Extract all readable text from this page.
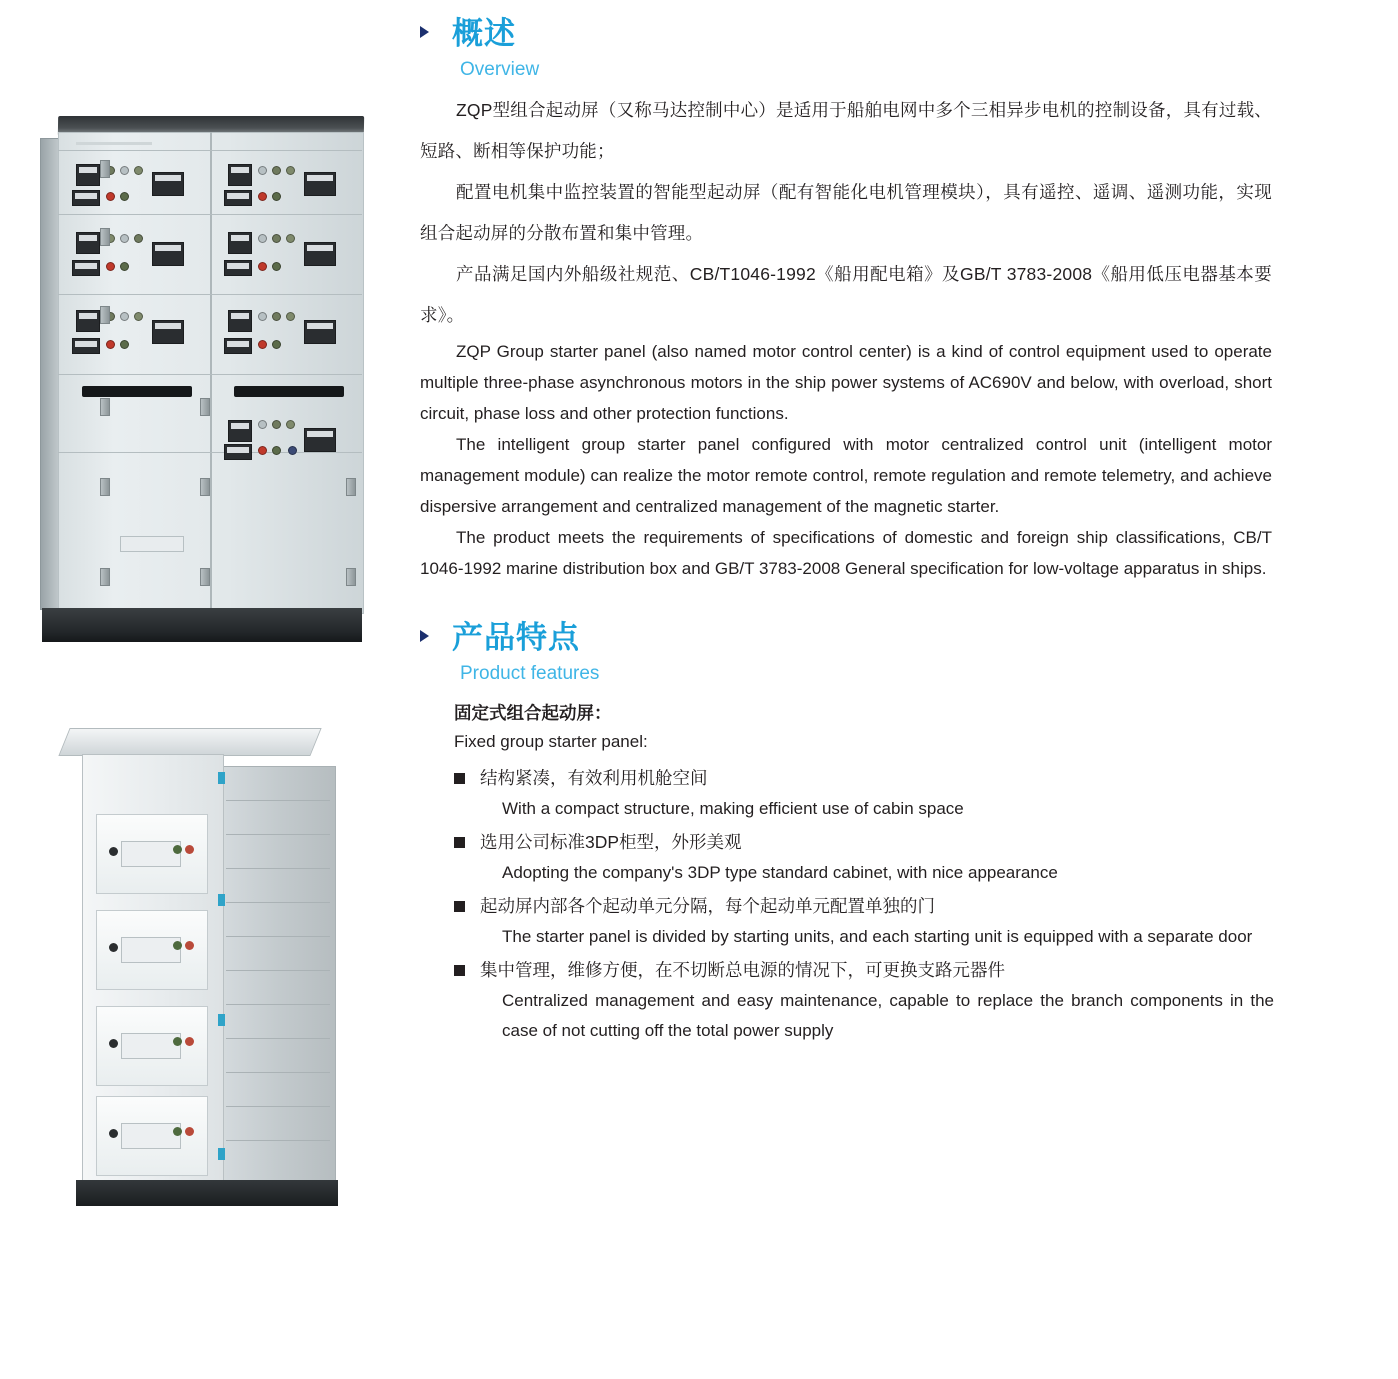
概述
Overview

ZQP型组合起动屏（又称马达控制中心）是适用于船舶电网中多个三相异步电机的控制设备，具有过载、短路、断相等保护功能；

配置电机集中监控装置的智能型起动屏（配有智能化电机管理模块），具有遥控、遥调、遥测功能，实现组合起动屏的分散布置和集中管理。

产品满足国内外船级社规范、CB/T1046-1992《船用配电箱》及GB/T 3783-2008《船用低压电器基本要求》。

ZQP Group starter panel (also named motor control center) is a kind of control equipment used to operate multiple three-phase asynchronous motors in the ship power systems of AC690V and below, with overload, short circuit, phase loss and other protection functions.

The intelligent group starter panel configured with motor centralized control unit (intelligent motor management module) can realize the motor remote control, remote regulation and remote telemetry, and achieve dispersive arrangement and centralized management of the magnetic starter.

The product meets the requirements of specifications of domestic and foreign ship classifications, CB/T 1046-1992 marine distribution box and GB/T 3783-2008 General specification for low-voltage apparatus in ships.

产品特点
Product features

固定式组合起动屏：

Fixed group starter panel:

结构紧凑，有效利用机舱空间

With a compact structure, making efficient use of cabin space

选用公司标准3DP柜型，外形美观

Adopting the company's 3DP type standard cabinet, with nice appearance

起动屏内部各个起动单元分隔，每个起动单元配置单独的门

The starter panel is divided by starting units, and each starting unit is equipped with a separate door

集中管理，维修方便，在不切断总电源的情况下，可更换支路元器件

Centralized management and easy maintenance, capable to replace the branch components in the case of not cutting off the total power supply
